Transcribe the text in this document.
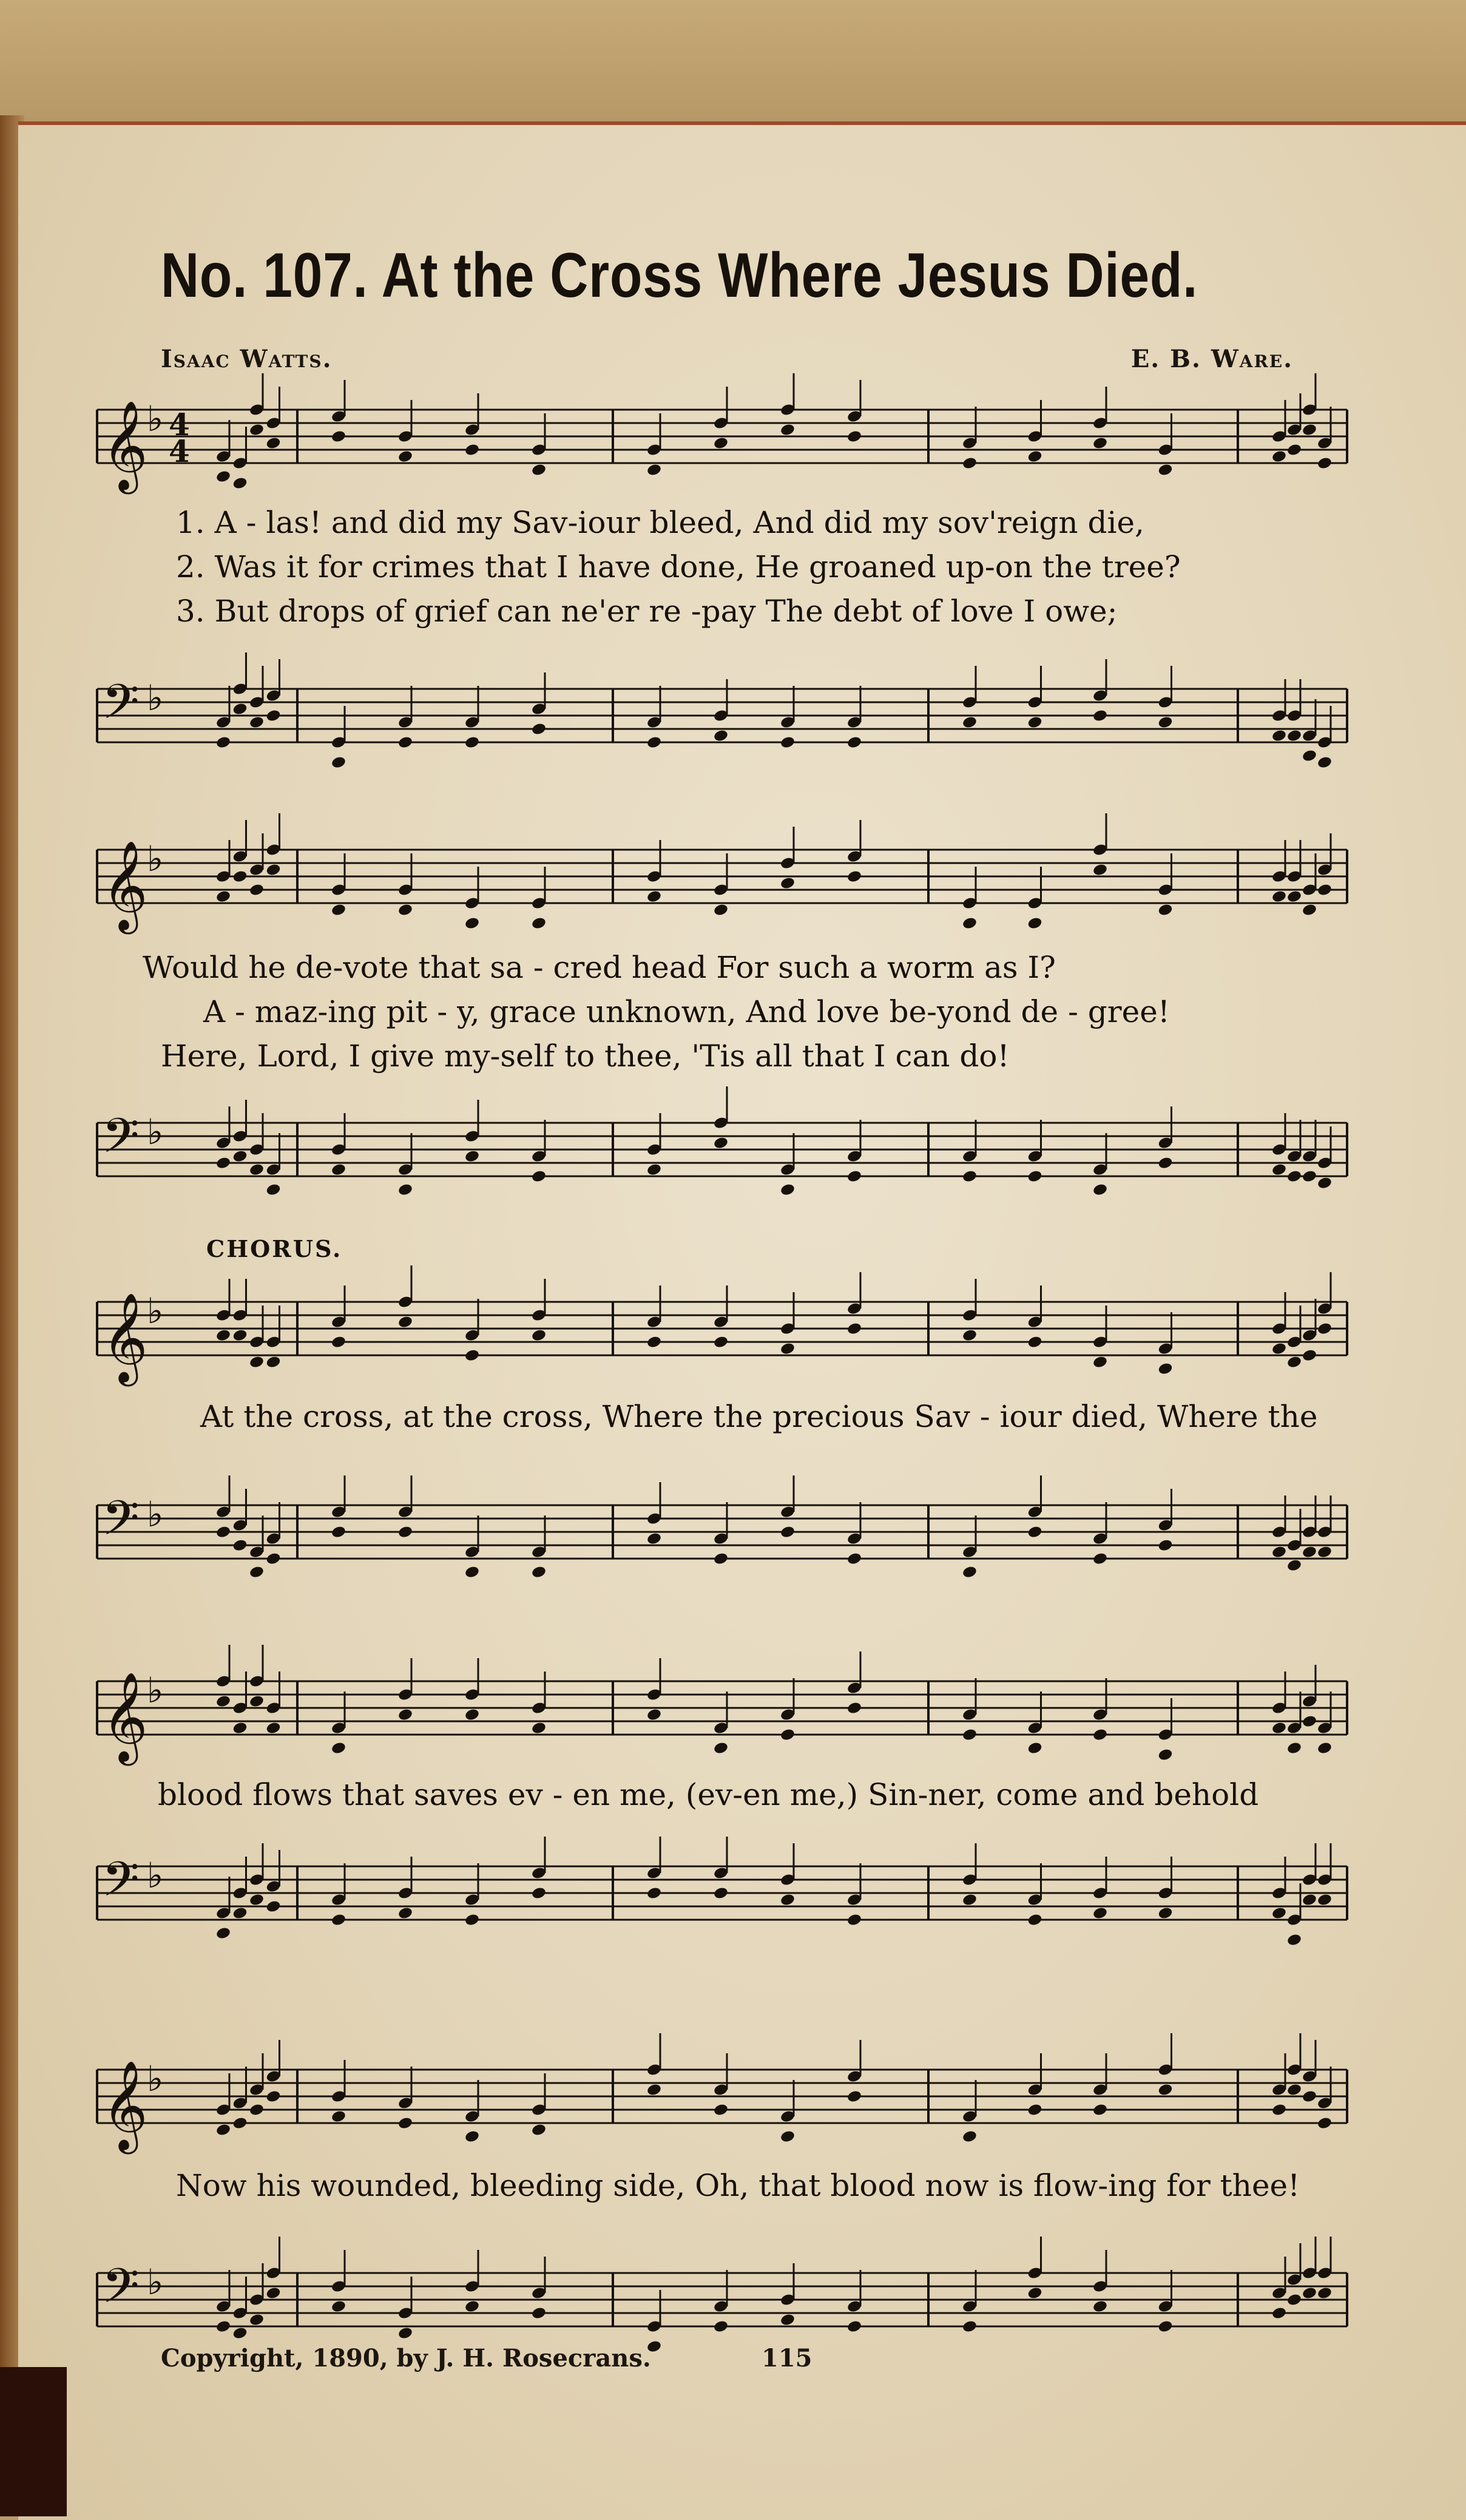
No. 107. At the Cross Where Jesus Died.
Isaac Watts.	E. B. Ware.
𝄞
♭ 4
4
1. A - las! and did my Sav-iour bleed, And did my sov'reign die,
2. Was it for crimes that I have done, He groaned up-on the tree?
3. But drops of grief can ne'er re -pay The debt of love I owe;
𝄢 ♭
𝄞
♭
Would he de-vote that sa - cred head For such a worm as I?
A - maz-ing pit - y, grace unknown, And love be-yond de - gree!
Here, Lord, I give my-self to thee, 'Tis all that I can do!
𝄢 ♭
CHORUS.
𝄞
♭
At the cross, at the cross, Where the precious Sav - iour died, Where the
𝄢 ♭
𝄞
♭
blood flows that saves ev - en me, (ev-en me,) Sin-ner, come and behold
𝄢 ♭
𝄞
♭
Now his wounded, bleeding side, Oh, that blood now is flow-ing for thee!
𝄢 ♭
Copyright, 1890, by J. H. Rosecrans.	115
